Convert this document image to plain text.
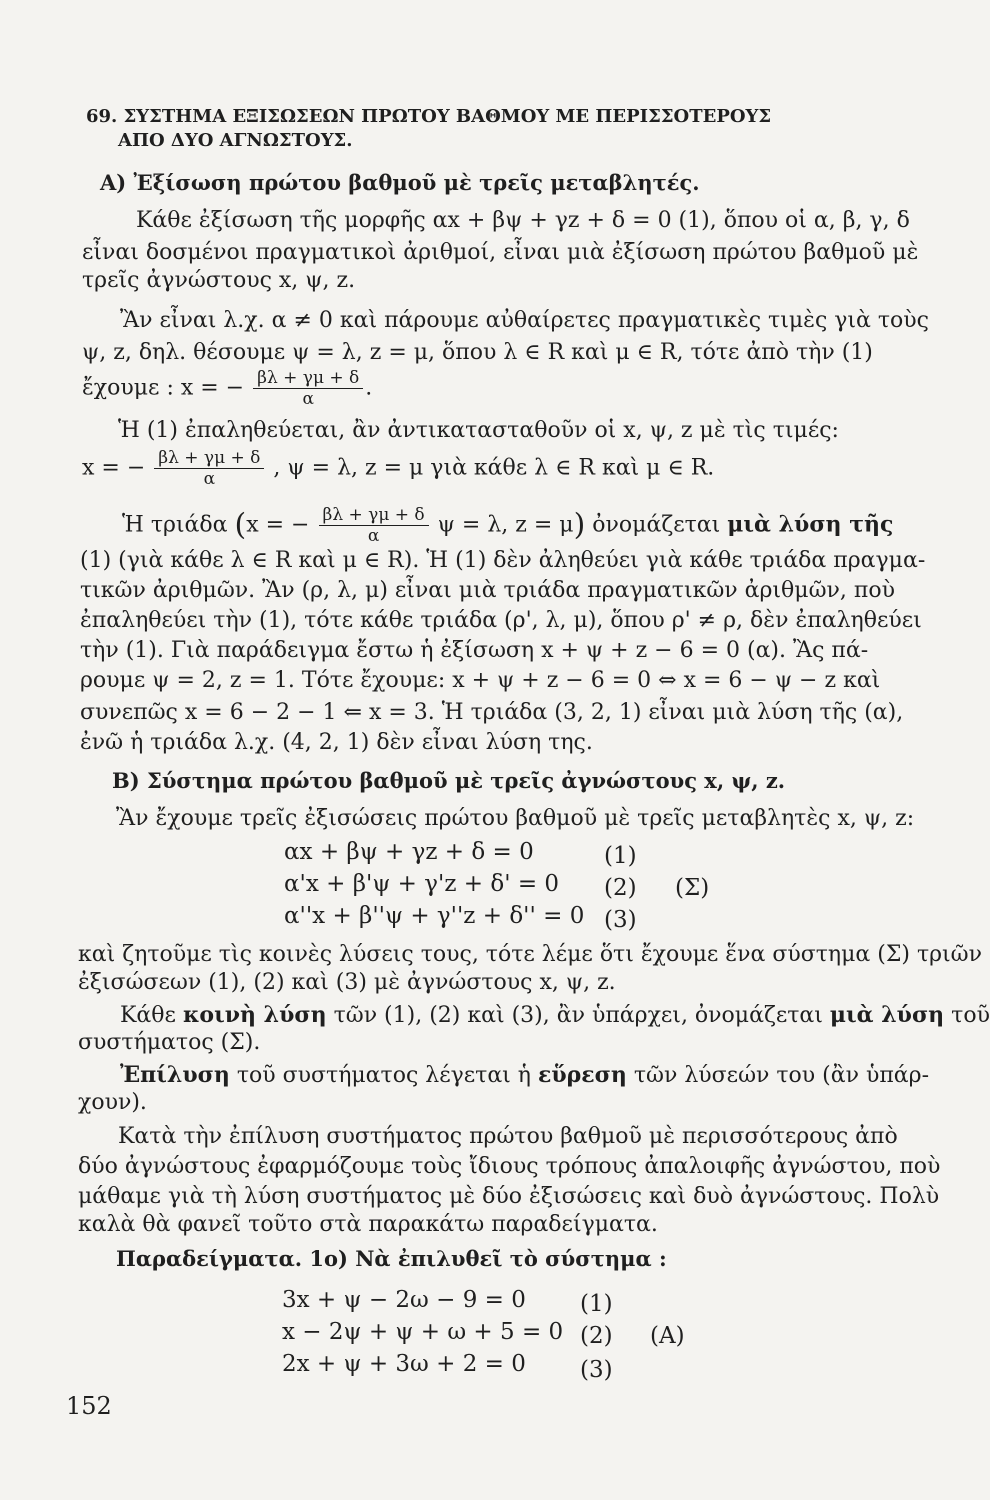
69. ΣΥΣΤΗΜΑ ΕΞΙΣΩΣΕΩΝ ΠΡΩΤΟΥ ΒΑΘΜΟΥ ΜΕ ΠΕΡΙΣΣΟΤΕΡΟΥΣ
ΑΠΟ ΔΥΟ ΑΓΝΩΣΤΟΥΣ.
Α) Ἐξίσωση πρώτου βαθμοῦ μὲ τρεῖς μεταβλητές.
Κάθε ἐξίσωση τῆς μορφῆς αx + βψ + γz + δ = 0 (1), ὅπου οἱ α, β, γ, δ
εἶναι δοσμένοι πραγματικοὶ ἀριθμοί, εἶναι μιὰ ἐξίσωση πρώτου βαθμοῦ μὲ
τρεῖς ἀγνώστους x, ψ, z.
Ἂν εἶναι λ.χ. α ≠ 0 καὶ πάρουμε αὐθαίρετες πραγματικὲς τιμὲς γιὰ τοὺς
ψ, z, δηλ. θέσουμε ψ = λ, z = μ, ὅπου λ ∈ R καὶ μ ∈ R, τότε ἀπὸ τὴν (1)
ἔχουμε : x = − $\frac{\beta\lambda + \gamma\mu + \delta}{\alpha}$ .
Ἡ (1) ἐπαληθεύεται, ἂν ἀντικατασταθοῦν οἱ x, ψ, z μὲ τὶς τιμές:
x = − $\frac{\beta\lambda + \gamma\mu + \delta}{\alpha}$ , ψ = λ, z = μ γιὰ κάθε λ ∈ R καὶ μ ∈ R.
Ἡ τριάδα (x = − $\frac{\beta\lambda + \gamma\mu + \delta}{\alpha}$ ψ = λ, z = μ) ὀνομάζεται μιὰ λύση τῆς
(1) (γιὰ κάθε λ ∈ R καὶ μ ∈ R). Ἡ (1) δὲν ἀληθεύει γιὰ κάθε τριάδα πραγμα-
τικῶν ἀριθμῶν. Ἂν (ρ, λ, μ) εἶναι μιὰ τριάδα πραγματικῶν ἀριθμῶν, ποὺ
ἐπαληθεύει τὴν (1), τότε κάθε τριάδα (ρ', λ, μ), ὅπου ρ' ≠ ρ, δὲν ἐπαληθεύει
τὴν (1). Γιὰ παράδειγμα ἔστω ἡ ἐξίσωση x + ψ + z − 6 = 0 (α). Ἂς πά-
ρουμε ψ = 2, z = 1. Τότε ἔχουμε: x + ψ + z − 6 = 0 ⇔ x = 6 − ψ − z καὶ
συνεπῶς x = 6 − 2 − 1 ⇐ x = 3. Ἡ τριάδα (3, 2, 1) εἶναι μιὰ λύση τῆς (α),
ἐνῶ ἡ τριάδα λ.χ. (4, 2, 1) δὲν εἶναι λύση της.
Β) Σύστημα πρώτου βαθμοῦ μὲ τρεῖς ἀγνώστους x, ψ, z.
Ἂν ἔχουμε τρεῖς ἐξισώσεις πρώτου βαθμοῦ μὲ τρεῖς μεταβλητὲς x, ψ, z:
αx + βψ + γz + δ = 0	(1)
α'x + β'ψ + γ'z + δ' = 0 (2) (Σ)
α''x + β''ψ + γ''z + δ'' = 0 (3)
καὶ ζητοῦμε τὶς κοινὲς λύσεις τους, τότε λέμε ὅτι ἔχουμε ἕνα σύστημα (Σ) τριῶν
ἐξισώσεων (1), (2) καὶ (3) μὲ ἀγνώστους x, ψ, z.
Κάθε κοινὴ λύση τῶν (1), (2) καὶ (3), ἂν ὑπάρχει, ὀνομάζεται μιὰ λύση τοῦ
συστήματος (Σ).
Ἐπίλυση τοῦ συστήματος λέγεται ἡ εὕρεση τῶν λύσεών του (ἂν ὑπάρ-
χουν).
Κατὰ τὴν ἐπίλυση συστήματος πρώτου βαθμοῦ μὲ περισσότερους ἀπὸ
δύο ἀγνώστους ἐφαρμόζουμε τοὺς ἴδιους τρόπους ἀπαλοιφῆς ἀγνώστου, ποὺ
μάθαμε γιὰ τὴ λύση συστήματος μὲ δύο ἐξισώσεις καὶ δυὸ ἀγνώστους. Πολὺ
καλὰ θὰ φανεῖ τοῦτο στὰ παρακάτω παραδείγματα.
Παραδείγματα. 1ο) Νὰ ἐπιλυθεῖ τὸ σύστημα :
3x + ψ − 2ω − 9 = 0 (1)
x − 2ψ + ψ + ω + 5 = 0 (2) (Α)
2x + ψ + 3ω + 2 = 0 (3)
152
